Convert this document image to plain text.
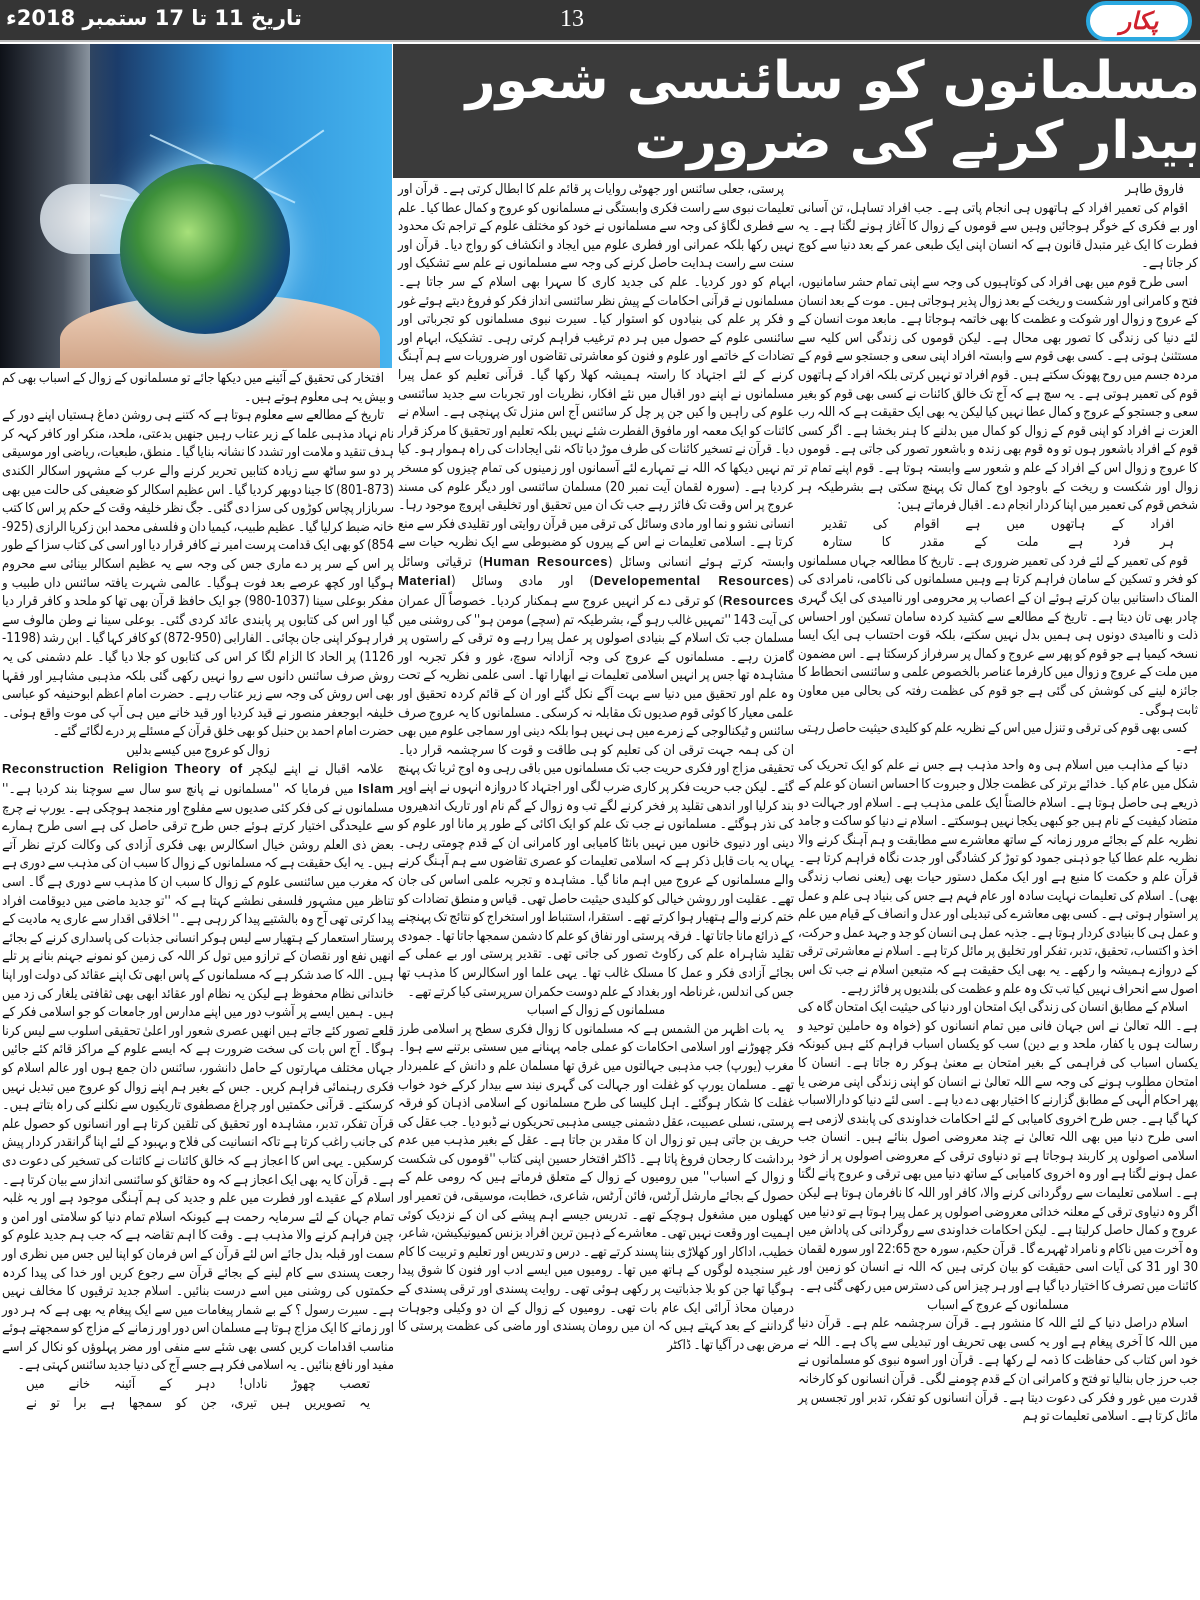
تاریخ 11 تا 17 ستمبر 2018ء	13	پکار
مسلمانوں کو سائنسی شعور بیدار کرنے کی ضرورت

فاروق طاہر

اقوام کی تعمیر افراد کے ہاتھوں ہی انجام پاتی ہے۔ جب افراد تساہل، تن آسانی اور بے فکری کے خوگر ہوجائیں وہیں سے قوموں کے زوال کا آغاز ہونے لگتا ہے۔ یہ فطرت کا ایک غیر متبدل قانون ہے کہ انسان اپنی ایک طبعی عمر کے بعد دنیا سے کوچ کر جاتا ہے۔

اسی طرح قوم میں بھی افراد کی کوتاہیوں کی وجہ سے اپنی تمام حشر سامانیوں، فتح و کامرانی اور شکست و ریخت کے بعد زوال پذیر ہوجاتی ہیں۔ موت کے بعد انسان کے عروج و زوال اور شوکت و عظمت کا بھی خاتمہ ہوجاتا ہے۔ مابعد موت انسان کے لئے دنیا کی زندگی کا تصور بھی محال ہے۔ لیکن قوموں کی زندگی اس کلیہ سے مستثنیٰ ہوتی ہے۔ کسی بھی قوم سے وابستہ افراد اپنی سعی و جستجو سے قوم کے مردہ جسم میں روح پھونک سکتے ہیں۔ قوم افراد تو نہیں کرتی بلکہ افراد کے ہاتھوں قوم کی تعمیر ہوتی ہے۔ یہ سچ ہے کہ آج تک خالق کائنات نے کسی بھی قوم کو بغیر سعی و جستجو کے عروج و کمال عطا نہیں کیا لیکن یہ بھی ایک حقیقت ہے کہ اللہ رب العزت نے افراد کو اپنی قوم کے زوال کو کمال میں بدلنے کا ہنر بخشا ہے۔ اگر کسی قوم کے افراد باشعور ہوں تو وہ قوم بھی زندہ و باشعور تصور کی جاتی ہے۔ قوموں کا عروج و زوال اس کے افراد کے علم و شعور سے وابستہ ہوتا ہے۔ قوم اپنے تمام تر زوال اور شکست و ریخت کے باوجود اوج کمال تک پہنچ سکتی ہے بشرطیکہ ہر شخص قوم کی تعمیر میں اپنا کردار انجام دے۔ اقبال فرماتے ہیں:

افراد کے ہاتھوں میں ہے اقوام کی تقدیر

ہر فرد ہے ملت کے مقدر کا ستارہ

قوم کی تعمیر کے لئے فرد کی تعمیر ضروری ہے۔ تاریخ کا مطالعہ جہاں مسلمانوں کو فخر و تسکین کے سامان فراہم کرتا ہے وہیں مسلمانوں کی ناکامی، نامرادی کی المناک داستانیں بیان کرتے ہوئے ان کے اعصاب پر محرومی اور ناامیدی کی ایک گہری چادر بھی تان دیتا ہے۔ تاریخ کے مطالعے سے کشید کردہ سامان تسکین اور احساس ذلت و ناامیدی دونوں ہی ہمیں بدل نہیں سکتے، بلکہ قوت احتساب ہی ایک ایسا نسخہ کیمیا ہے جو قوم کو پھر سے عروج و کمال پر سرفراز کرسکتا ہے۔ اس مضمون میں ملت کے عروج و زوال میں کارفرما عناصر بالخصوص علمی و سائنسی انحطاط کا جائزہ لینے کی کوشش کی گئی ہے جو قوم کی عظمت رفتہ کی بحالی میں معاون ثابت ہوگی۔

کسی بھی قوم کی ترقی و تنزل میں اس کے نظریہ علم کو کلیدی حیثیت حاصل رہتی ہے۔

دنیا کے مذاہب میں اسلام ہی وہ واحد مذہب ہے جس نے علم کو ایک تحریک کی شکل میں عام کیا۔ خدائے برتر کی عظمت جلال و جبروت کا احساس انسان کو علم کے ذریعے ہی حاصل ہوتا ہے۔ اسلام خالصتاً ایک علمی مذہب ہے۔ اسلام اور جہالت دو متضاد کیفیت کے نام ہیں جو کبھی یکجا نہیں ہوسکتے۔ اسلام نے دنیا کو ساکت و جامد نظریہ علم کے بجائے مرور زمانہ کے ساتھ معاشرے سے مطابقت و ہم آہنگ کرنے والا نظریہ علم عطا کیا جو ذہنی جمود کو توڑ کر کشادگی اور جدت نگاہ فراہم کرتا ہے۔ قرآن علم و حکمت کا منبع ہے اور ایک مکمل دستور حیات بھی (یعنی نصاب زندگی بھی)۔ اسلام کی تعلیمات نہایت سادہ اور عام فہم ہے جس کی بنیاد ہی علم و عمل پر استوار ہوتی ہے۔ کسی بھی معاشرے کی تبدیلی اور عدل و انصاف کے قیام میں علم و عمل ہی کا بنیادی کردار ہوتا ہے۔ جذبہ عمل ہی انسان کو جد و جہد عمل و حرکت، اخذ و اکتساب، تحقیق، تدبر، تفکر اور تخلیق پر مائل کرتا ہے۔ اسلام نے معاشرتی ترقی کے دروازے ہمیشہ وا رکھے۔ یہ بھی ایک حقیقت ہے کہ متبعین اسلام نے جب تک اس اصول سے انحراف نہیں کیا تب تک وہ علم و عظمت کی بلندیوں پر فائز رہے۔

اسلام کے مطابق انسان کی زندگی ایک امتحان اور دنیا کی حیثیت ایک امتحان گاہ کی ہے۔ اللہ تعالیٰ نے اس جہان فانی میں تمام انسانوں کو (خواہ وہ حاملین توحید و رسالت ہوں یا کفار، ملحد و بے دین) سب کو یکساں اسباب فراہم کئے ہیں کیونکہ یکساں اسباب کی فراہمی کے بغیر امتحان بے معنیٰ ہوکر رہ جاتا ہے۔ انسان کا امتحان مطلوب ہونے کی وجہ سے اللہ تعالیٰ نے انسان کو اپنی زندگی اپنی مرضی یا پھر احکام الٰہی کے مطابق گزارنے کا اختیار بھی دے دیا ہے۔ اسی لئے دنیا کو دارالاسباب کہا گیا ہے۔ جس طرح اخروی کامیابی کے لئے احکامات خداوندی کی پابندی لازمی ہے اسی طرح دنیا میں بھی اللہ تعالیٰ نے چند معروضی اصول بنائے ہیں۔ انسان جب اسلامی اصولوں پر کاربند ہوجاتا ہے تو دنیاوی ترقی کے معروضی اصولوں پر از خود عمل ہونے لگتا ہے اور وہ اخروی کامیابی کے ساتھ دنیا میں بھی ترقی و عروج پانے لگتا ہے۔ اسلامی تعلیمات سے روگردانی کرنے والا، کافر اور اللہ کا نافرمان ہوتا ہے لیکن اگر وہ دنیاوی ترقی کے معلنہ خدائی معروضی اصولوں پر عمل پیرا ہوتا ہے تو دنیا میں عروج و کمال حاصل کرلیتا ہے۔ لیکن احکامات خداوندی سے روگردانی کی پاداش میں وہ آخرت میں ناکام و نامراد ٹھہرے گا۔ قرآن حکیم، سورہ حج 22:65 اور سورہ لقمان 30 اور 31 کی آیات اسی حقیقت کو بیان کرتی ہیں کہ اللہ نے انسان کو زمین اور کائنات میں تصرف کا اختیار دیا گیا ہے اور ہر چیز اس کی دسترس میں رکھی گئی ہے۔

مسلمانوں کے عروج کے اسباب

اسلام دراصل دنیا کے لئے اللہ کا منشور ہے۔ قرآن سرچشمہ علم ہے۔ قرآن دنیا میں اللہ کا آخری پیغام ہے اور یہ کسی بھی تحریف اور تبدیلی سے پاک ہے۔ اللہ نے خود اس کتاب کی حفاظت کا ذمہ لے رکھا ہے۔ قرآن اور اسوہ نبوی کو مسلمانوں نے جب حرز جاں بنالیا تو فتح و کامرانی ان کے قدم چومنے لگی۔ قرآن انسانوں کو کارخانہ قدرت میں غور و فکر کی دعوت دیتا ہے۔ قرآن انسانوں کو تفکر، تدبر اور تجسس پر مائل کرتا ہے۔ اسلامی تعلیمات تو ہم

پرستی، جعلی سائنس اور جھوٹی روایات پر قائم علم کا ابطال کرتی ہے۔ قرآن اور تعلیمات نبوی سے راست فکری وابستگی نے مسلمانوں کو عروج و کمال عطا کیا۔ علم سے فطری لگاؤ کی وجہ سے مسلمانوں نے خود کو مختلف علوم کے تراجم تک محدود نہیں رکھا بلکہ عمرانی اور فطری علوم میں ایجاد و انکشاف کو رواج دیا۔ قرآن اور سنت سے راست ہدایت حاصل کرنے کی وجہ سے مسلمانوں نے علم سے تشکیک اور ابہام کو دور کردیا۔ علم کی جدید کاری کا سہرا بھی اسلام کے سر جاتا ہے۔ مسلمانوں نے قرآنی احکامات کے پیش نظر سائنسی انداز فکر کو فروغ دیتے ہوئے غور و فکر پر علم کی بنیادوں کو استوار کیا۔ سیرت نبوی مسلمانوں کو تجرباتی اور سائنسی علوم کے حصول میں ہر دم ترغیب فراہم کرتی رہی۔ تشکیک، ابہام اور تضادات کے خاتمے اور علوم و فنون کو معاشرتی تقاضوں اور ضروریات سے ہم آہنگ کرنے کے لئے اجتہاد کا راستہ ہمیشہ کھلا رکھا گیا۔ قرآنی تعلیم کو عمل پیرا مسلمانوں نے اپنے دور اقبال میں نئے افکار، نظریات اور تجربات سے جدید سائنسی علوم کی راہیں وا کیں جن پر چل کر سائنس آج اس منزل تک پہنچی ہے۔ اسلام نے کائنات کو ایک معمہ اور مافوق الفطرت شئے نہیں بلکہ تعلیم اور تحقیق کا مرکز قرار دیا۔ قرآن نے تسخیر کائنات کی طرف موڑ دیا تاکہ نئی ایجادات کی راہ ہموار ہو۔ کیا تم نہیں دیکھا کہ اللہ نے تمہارے لئے آسمانوں اور زمینوں کی تمام چیزوں کو مسخر کردیا ہے۔ (سورہ لقمان آیت نمبر 20) مسلمان سائنسی اور دیگر علوم کی مسند عروج پر اس وقت تک فائز رہے جب تک ان میں تحقیق اور تخلیقی اپروچ موجود رہا۔ انسانی نشو و نما اور مادی وسائل کی ترقی میں قرآن روایتی اور تقلیدی فکر سے منع کرتا ہے۔ اسلامی تعلیمات نے اس کے پیروں کو مضبوطی سے ایک نظریہ حیات سے وابستہ کرتے ہوئے انسانی وسائل (Human Resources) ترقیاتی وسائل (Developemental Resources) اور مادی وسائل (Material Resources) کو ترقی دے کر انہیں عروج سے ہمکنار کردیا۔ خصوصاً آل عمران کی آیت 143 ''تمہیں غالب رہو گے، بشرطیکہ تم (سچے) مومن ہو'' کی روشنی میں مسلمان جب تک اسلام کے بنیادی اصولوں پر عمل پیرا رہے وہ ترقی کے راستوں پر گامزن رہے۔ مسلمانوں کے عروج کی وجہ آزادانہ سوچ، غور و فکر تجربہ اور مشاہدہ تھا جس پر انہیں اسلامی تعلیمات نے ابھارا تھا۔ اسی علمی نظریہ کے تحت وہ علم اور تحقیق میں دنیا سے بہت آگے نکل گئے اور ان کے قائم کردہ تحقیق اور علمی معیار کا کوئی قوم صدیوں تک مقابلہ نہ کرسکی۔ مسلمانوں کا یہ عروج صرف سائنس و ٹیکنالوجی کے زمرے میں ہی نہیں ہوا بلکہ دینی اور سماجی علوم میں بھی ان کی ہمہ جہت ترقی ان کی تعلیم کو ہی طاقت و قوت کا سرچشمہ قرار دیا۔ تحقیقی مزاج اور فکری حریت جب تک مسلمانوں میں باقی رہی وہ اوج ثریا تک پہنچ گئے۔ لیکن جب حریت فکر پر کاری ضرب لگی اور اجتہاد کا دروازہ انہوں نے اپنے اوپر بند کرلیا اور اندھی تقلید پر فخر کرنے لگے تب وہ زوال کے گم نام اور تاریک اندھیروں کی نذر ہوگئے۔ مسلمانوں نے جب تک علم کو ایک اکائی کے طور پر مانا اور علوم کو دینی اور دنیوی خانوں میں نہیں بانٹا کامیابی اور کامرانی ان کے قدم چومتی رہی۔ یہاں یہ بات قابل ذکر ہے کہ اسلامی تعلیمات کو عصری تقاضوں سے ہم آہنگ کرنے والے مسلمانوں کے عروج میں اہم مانا گیا۔ مشاہدہ و تجربہ علمی اساس کی جان تھے۔ عقلیت اور روشن خیالی کو کلیدی حیثیت حاصل تھی۔ قیاس و منطق تضادات کو ختم کرنے والے ہتھیار ہوا کرتے تھے۔ استقرا، استنباط اور استخراج کو نتائج تک پہنچنے کے ذرائع مانا جاتا تھا۔ فرقہ پرستی اور نفاق کو علم کا دشمن سمجھا جاتا تھا۔ جمودی تقلید شاہراہ علم کی رکاوٹ تصور کی جاتی تھی۔ تقدیر پرستی اور بے عملی کے بجائے آزادی فکر و عمل کا مسلک غالب تھا۔ یہی علما اور اسکالرس کا مذہب تھا جس کی اندلس، غرناطہ اور بغداد کے علم دوست حکمران سرپرستی کیا کرتے تھے۔

مسلمانوں کے زوال کے اسباب

یہ بات اظہر من الشمس ہے کہ مسلمانوں کا زوال فکری سطح پر اسلامی طرز فکر چھوڑنے اور اسلامی احکامات کو عملی جامہ پہنانے میں سستی برتنے سے ہوا۔ مغرب (یورپ) جب مذہبی جہالتوں میں غرق تھا مسلمان علم و دانش کے علمبردار تھے۔ مسلمان یورپ کو غفلت اور جہالت کی گہری نیند سے بیدار کرکے خود خواب غفلت کا شکار ہوگئے۔ اہل کلیسا کی طرح مسلمانوں کے اسلامی اذہان کو فرقہ پرستی، نسلی عصبیت، عقل دشمنی جیسی مذہبی تحریکوں نے ڈبو دیا۔ جب عقل کی حریف بن جاتی ہیں تو زوال ان کا مقدر بن جاتا ہے۔ عقل کے بغیر مذہب میں عدم برداشت کا رجحان فروغ پاتا ہے۔ ڈاکٹر افتخار حسین اپنی کتاب ''قوموں کی شکست و زوال کے اسباب'' میں رومیوں کے زوال کے متعلق فرماتے ہیں کہ رومی علم کے حصول کے بجائے مارشل آرٹس، فائن آرٹس، شاعری، خطابت، موسیقی، فن تعمیر اور کھیلوں میں مشغول ہوچکے تھے۔ تدریس جیسے اہم پیشے کی ان کے نزدیک کوئی اہمیت اور وقعت نہیں تھی۔ معاشرے کے ذہین ترین افراد بزنس کمیونیکیشن، شاعر، خطیب، اداکار اور کھلاڑی بننا پسند کرتے تھے۔ درس و تدریس اور تعلیم و تربیت کا کام غیر سنجیدہ لوگوں کے ہاتھ میں تھا۔ رومیوں میں ایسے ادب اور فنون کا شوق پیدا ہوگیا تھا جن کو بلا جذباتیت پر رکھی ہوئی تھی۔ روایت پسندی اور ترقی پسندی کے درمیان محاذ آرائی ایک عام بات تھی۔ رومیوں کے زوال کے ان دو وکیلی وجوہات گرداننے کے بعد کہتے ہیں کہ ان میں رومان پسندی اور ماضی کی عظمت پرستی کا مرض بھی در آگیا تھا۔ ڈاکٹر

افتخار کی تحقیق کے آئینے میں دیکھا جائے تو مسلمانوں کے زوال کے اسباب بھی کم و بیش یہ ہی معلوم ہوتے ہیں۔

تاریخ کے مطالعے سے معلوم ہوتا ہے کہ کتنے ہی روشن دماغ ہستیاں اپنے دور کے نام نہاد مذہبی علما کے زیر عتاب رہیں جنھیں بدعتی، ملحد، منکر اور کافر کہہ کر ہدف تنقید و ملامت اور تشدد کا نشانہ بنایا گیا۔ منطق، طبعیات، ریاضی اور موسیقی پر دو سو ساٹھ سے زیادہ کتابیں تحریر کرنے والے عرب کے مشہور اسکالر الکندی (873-801) کا جینا دوبھر کردیا گیا۔ اس عظیم اسکالر کو ضعیفی کی حالت میں بھی سربازار پچاس کوڑوں کی سزا دی گئی۔ جگ نظر خلیفہ وقت کے حکم پر اس کا کتب خانہ ضبط کرلیا گیا۔ عظیم طبیب، کیمیا دان و فلسفی محمد ابن زکریا الرازی (925-854) کو بھی ایک قدامت پرست امیر نے کافر قرار دیا اور اسی کی کتاب سزا کے طور پر اس کے سر پر دے ماری جس کی وجہ سے یہ عظیم اسکالر بینائی سے محروم ہوگیا اور کچھ عرصے بعد فوت ہوگیا۔ عالمی شہرت یافتہ سائنس داں طبیب و مفکر بوعلی سینا (1037-980) جو ایک حافظ قرآن بھی تھا کو ملحد و کافر قرار دیا گیا اور اس کی کتابوں پر پابندی عائد کردی گئی۔ بوعلی سینا نے وطن مالوف سے فرار ہوکر اپنی جان بچائی۔ الفارابی (950-872) کو کافر کہا گیا۔ ابن رشد (1198-1126) پر الحاد کا الزام لگا کر اس کی کتابوں کو جلا دیا گیا۔ علم دشمنی کی یہ روش صرف سائنس دانوں سے روا نہیں رکھی گئی بلکہ مذہبی مشاہیر اور فقہا بھی اس روش کی وجہ سے زیر عتاب رہے۔ حضرت امام اعظم ابوحنیفہ کو عباسی خلیفہ ابوجعفر منصور نے قید کردیا اور قید خانے میں ہی آپ کی موت واقع ہوئی۔ حضرت امام احمد بن حنبل کو بھی خلق قرآن کے مسئلے پر درے لگائے گئے۔

زوال کو عروج میں کیسے بدلیں

علامہ اقبال نے اپنے لیکچر Reconstruction Religion Theory of Islam میں فرمایا کہ ''مسلمانوں نے پانچ سو سال سے سوچنا بند کردیا ہے۔'' مسلمانوں نے کی فکر کئی صدیوں سے مفلوج اور منجمد ہوچکی ہے۔ یورپ نے چرچ سے علیحدگی اختیار کرتے ہوئے جس طرح ترقی حاصل کی ہے اسی طرح ہمارے بعض ذی العلم روشن خیال اسکالرس بھی فکری آزادی کی وکالت کرتے نظر آتے ہیں۔ یہ ایک حقیقت ہے کہ مسلمانوں کے زوال کا سبب ان کی مذہب سے دوری ہے کہ مغرب میں سائنسی علوم کے زوال کا سبب ان کا مذہب سے دوری ہے گا۔ اسی تناظر میں مشہور فلسفی نطشے کہتا ہے کہ ''تو جدید ماضی میں دیوقامت افراد پیدا کرتی تھی آج وہ بالشتیے پیدا کر رہی ہے۔'' اخلاقی اقدار سے عاری یہ مادیت کے پرستار استعمار کے ہتھیار سے لیس ہوکر انسانی جذبات کی پاسداری کرنے کے بجائے انھیں نفع اور نقصان کے ترازو میں تول کر اللہ کی زمین کو نمونے جہنم بنانے پر تلے ہیں۔ اللہ کا صد شکر ہے کہ مسلمانوں کے پاس ابھی تک اپنے عقائد کی دولت اور اپنا خاندانی نظام محفوظ ہے لیکن یہ نظام اور عقائد ابھی بھی ثقافتی یلغار کی زد میں ہیں۔ ہمیں ایسے پر آشوب دور میں اپنے مدارس اور جامعات کو جو اسلامی فکر کے قلعے تصور کئے جاتے ہیں انھیں عصری شعور اور اعلیٰ تحقیقی اسلوب سے لیس کرنا ہوگا۔ آج اس بات کی سخت ضرورت ہے کہ ایسے علوم کے مراکز قائم کئے جائیں جہاں مختلف مہارتوں کے حامل دانشور، سائنس دان جمع ہوں اور عالم اسلام کو فکری رہنمائی فراہم کریں۔ جس کے بغیر ہم اپنے زوال کو عروج میں تبدیل نہیں کرسکتے۔ قرآنی حکمتیں اور چراغ مصطفوی تاریکیوں سے نکلنے کی راہ بتاتے ہیں۔ قرآن تفکر، تدبر، مشاہدہ اور تحقیق کی تلقین کرتا ہے اور انسانوں کو حصول علم کی جانب راغب کرتا ہے تاکہ انسانیت کی فلاح و بہبود کے لئے اپنا گرانقدر کردار پیش کرسکیں۔ یہی اس کا اعجاز ہے کہ خالق کائنات نے کائنات کی تسخیر کی دعوت دی ہے۔ قرآن کا یہ بھی ایک اعجاز ہے کہ وہ حقائق کو سائنسی انداز سے بیان کرتا ہے۔ اسلام کے عقیدے اور فطرت میں علم و جدید کی ہم آہنگی موجود ہے اور یہ غلبہ تمام جہان کے لئے سرمایہ رحمت ہے کیونکہ اسلام تمام دنیا کو سلامتی اور امن و چین فراہم کرنے والا مذہب ہے۔ وقت کا اہم تقاضہ ہے کہ جب ہم جدید علوم کو سمت اور قبلہ بدل جائے اس لئے قرآن کے اس فرمان کو اپنا لیں جس میں نظری اور رجعت پسندی سے کام لینے کے بجائے قرآن سے رجوع کریں اور خدا کی پیدا کردہ حکمتوں کی روشنی میں اسے درست بنائیں۔ اسلام جدید ترقیوں کا مخالف نہیں ہے۔ سیرت رسول ؟ کے بے شمار پیغامات میں سے ایک پیغام یہ بھی ہے کہ ہر دور اور زمانے کا ایک مزاج ہوتا ہے مسلمان اس دور اور زمانے کے مزاج کو سمجھتے ہوئے مناسب اقدامات کریں کسی بھی شئے سے منفی اور مضر پہلوؤں کو نکال کر اسے مفید اور نافع بنائیں۔ یہ اسلامی فکر ہے جسے آج کی دنیا جدید سائنس کہتی ہے۔

تعصب چھوڑ ناداں! دہر کے آئینہ خانے میں

یہ تصویریں ہیں تیری، جن کو سمجھا ہے برا تو نے
